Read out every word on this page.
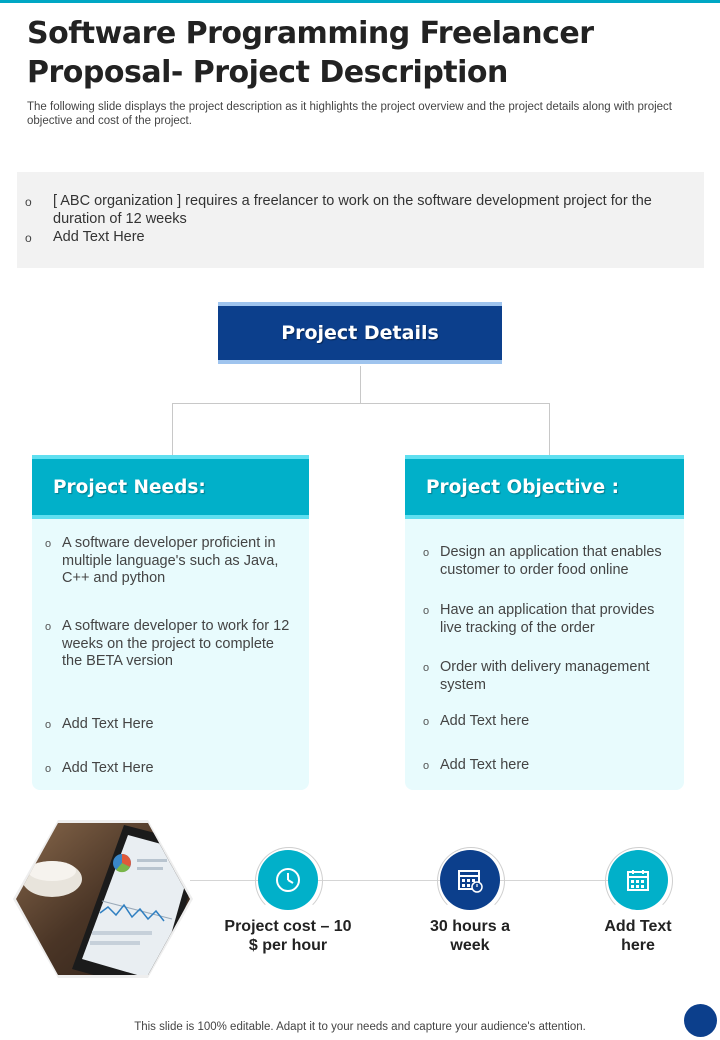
Software Programming Freelancer Proposal- Project Description

The following slide displays the project description as it highlights the project overview and the project details along with project objective and cost of the project.

o [ ABC organization ] requires a freelancer to work on the software development project for the duration of 12 weeks
o Add Text Here
Project Details
Project Needs:
o A software developer proficient in multiple language's such as Java, C++ and python
o A software developer to work for 12 weeks on the project to complete the BETA version
o Add Text Here
o Add Text Here
Project Objective :
o Design an application that enables customer to order food online
o Have an application that provides live tracking of the order
o Order with delivery management system
o Add Text here
o Add Text here
Project cost – 10 $ per hour
30 hours a week
Add Text here
This slide is 100% editable. Adapt it to your needs and capture your audience's attention.
